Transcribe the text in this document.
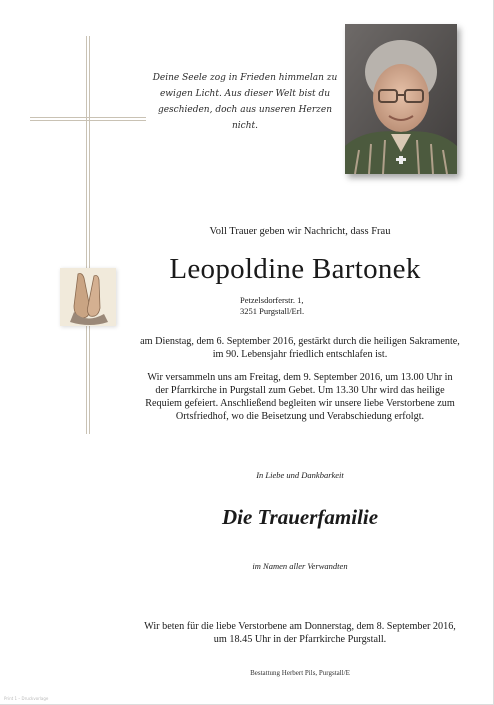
Deine Seele zog in Frieden himmelan zu ewigen Licht. Aus dieser Welt bist du geschieden, doch aus unseren Herzen nicht.
Voll Trauer geben wir Nachricht, dass Frau
Leopoldine Bartonek
Petzelsdorferstr. 1,
3251 Purgstall/Erl.
am Dienstag, dem 6. September 2016, gestärkt durch die heiligen Sakramente, im 90. Lebensjahr friedlich entschlafen ist.
Wir versammeln uns am Freitag, dem 9. September 2016, um 13.00 Uhr in der Pfarrkirche in Purgstall zum Gebet. Um 13.30 Uhr wird das heilige Requiem gefeiert. Anschließend begleiten wir unsere liebe Verstorbene zum Ortsfriedhof, wo die Beisetzung und Verabschiedung erfolgt.
In Liebe und Dankbarkeit
Die Trauerfamilie
im Namen aller Verwandten
Wir beten für die liebe Verstorbene am Donnerstag, dem 8. September 2016, um 18.45 Uhr in der Pfarrkirche Purgstall.
Bestattung Herbert Pils, Purgstall/E
Print 1 – Druckvorlage
